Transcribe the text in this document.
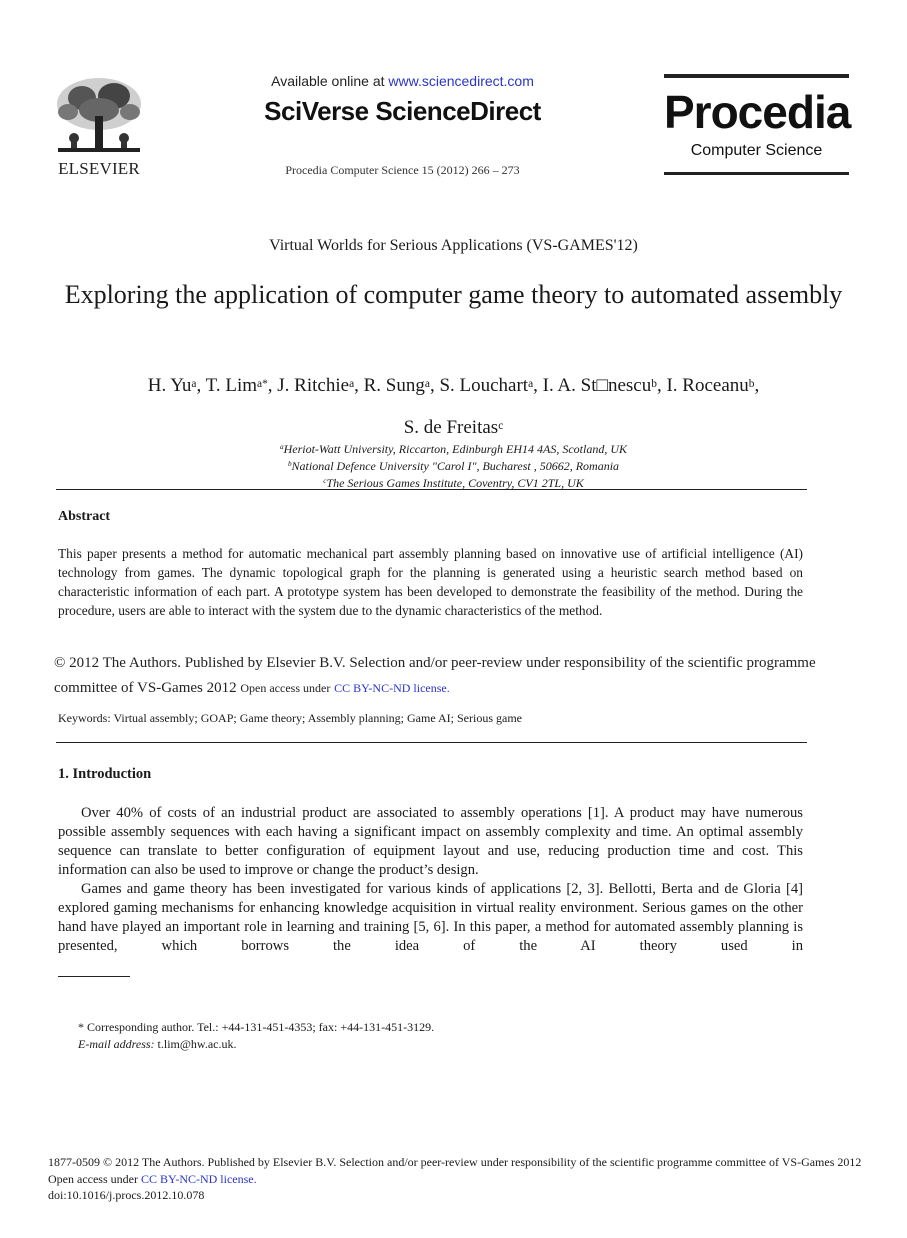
ELSEVIER
Available online at www.sciencedirect.com
SciVerse ScienceDirect
Procedia Computer Science 15 (2012) 266 – 273
Procedia
Computer Science
Virtual Worlds for Serious Applications (VS-GAMES'12)
Exploring the application of computer game theory to automated assembly
H. Yu$^a$, T. Lim$^{a*}$, J. Ritchie$^a$, R. Sung$^a$, S. Louchart$^a$, I. A. St□nescu$^b$, I. Roceanu$^b$,
S. de Freitas$^c$
$^a$Heriot-Watt University, Riccarton, Edinburgh EH14 4AS, Scotland, UK
$^b$National Defence University "Carol I", Bucharest , 50662, Romania
$^c$The Serious Games Institute, Coventry, CV1 2TL, UK
Abstract
This paper presents a method for automatic mechanical part assembly planning based on innovative use of artificial intelligence (AI) technology from games. The dynamic topological graph for the planning is generated using a heuristic search method based on characteristic information of each part. A prototype system has been developed to demonstrate the feasibility of the method. During the procedure, users are able to interact with the system due to the dynamic characteristics of the method.
© 2012 The Authors. Published by Elsevier B.V. Selection and/or peer-review under responsibility of the scientific programme committee of VS-Games 2012 Open access under CC BY-NC-ND license.
Keywords: Virtual assembly; GOAP; Game theory; Assembly planning; Game AI; Serious game
1. Introduction
Over 40% of costs of an industrial product are associated to assembly operations [1]. A product may have numerous possible assembly sequences with each having a significant impact on assembly complexity and time. An optimal assembly sequence can translate to better configuration of equipment layout and use, reducing production time and cost. This information can also be used to improve or change the product’s design.
Games and game theory has been investigated for various kinds of applications [2, 3]. Bellotti, Berta and de Gloria [4] explored gaming mechanisms for enhancing knowledge acquisition in virtual reality environment. Serious games on the other hand have played an important role in learning and training [5, 6]. In this paper, a method for automated assembly planning is presented, which borrows the idea of the AI theory used in
* Corresponding author. Tel.: +44-131-451-4353; fax: +44-131-451-3129.
E-mail address: t.lim@hw.ac.uk.
1877-0509 © 2012 The Authors. Published by Elsevier B.V. Selection and/or peer-review under responsibility of the scientific programme committee of VS-Games 2012 Open access under CC BY-NC-ND license.
doi:10.1016/j.procs.2012.10.078
